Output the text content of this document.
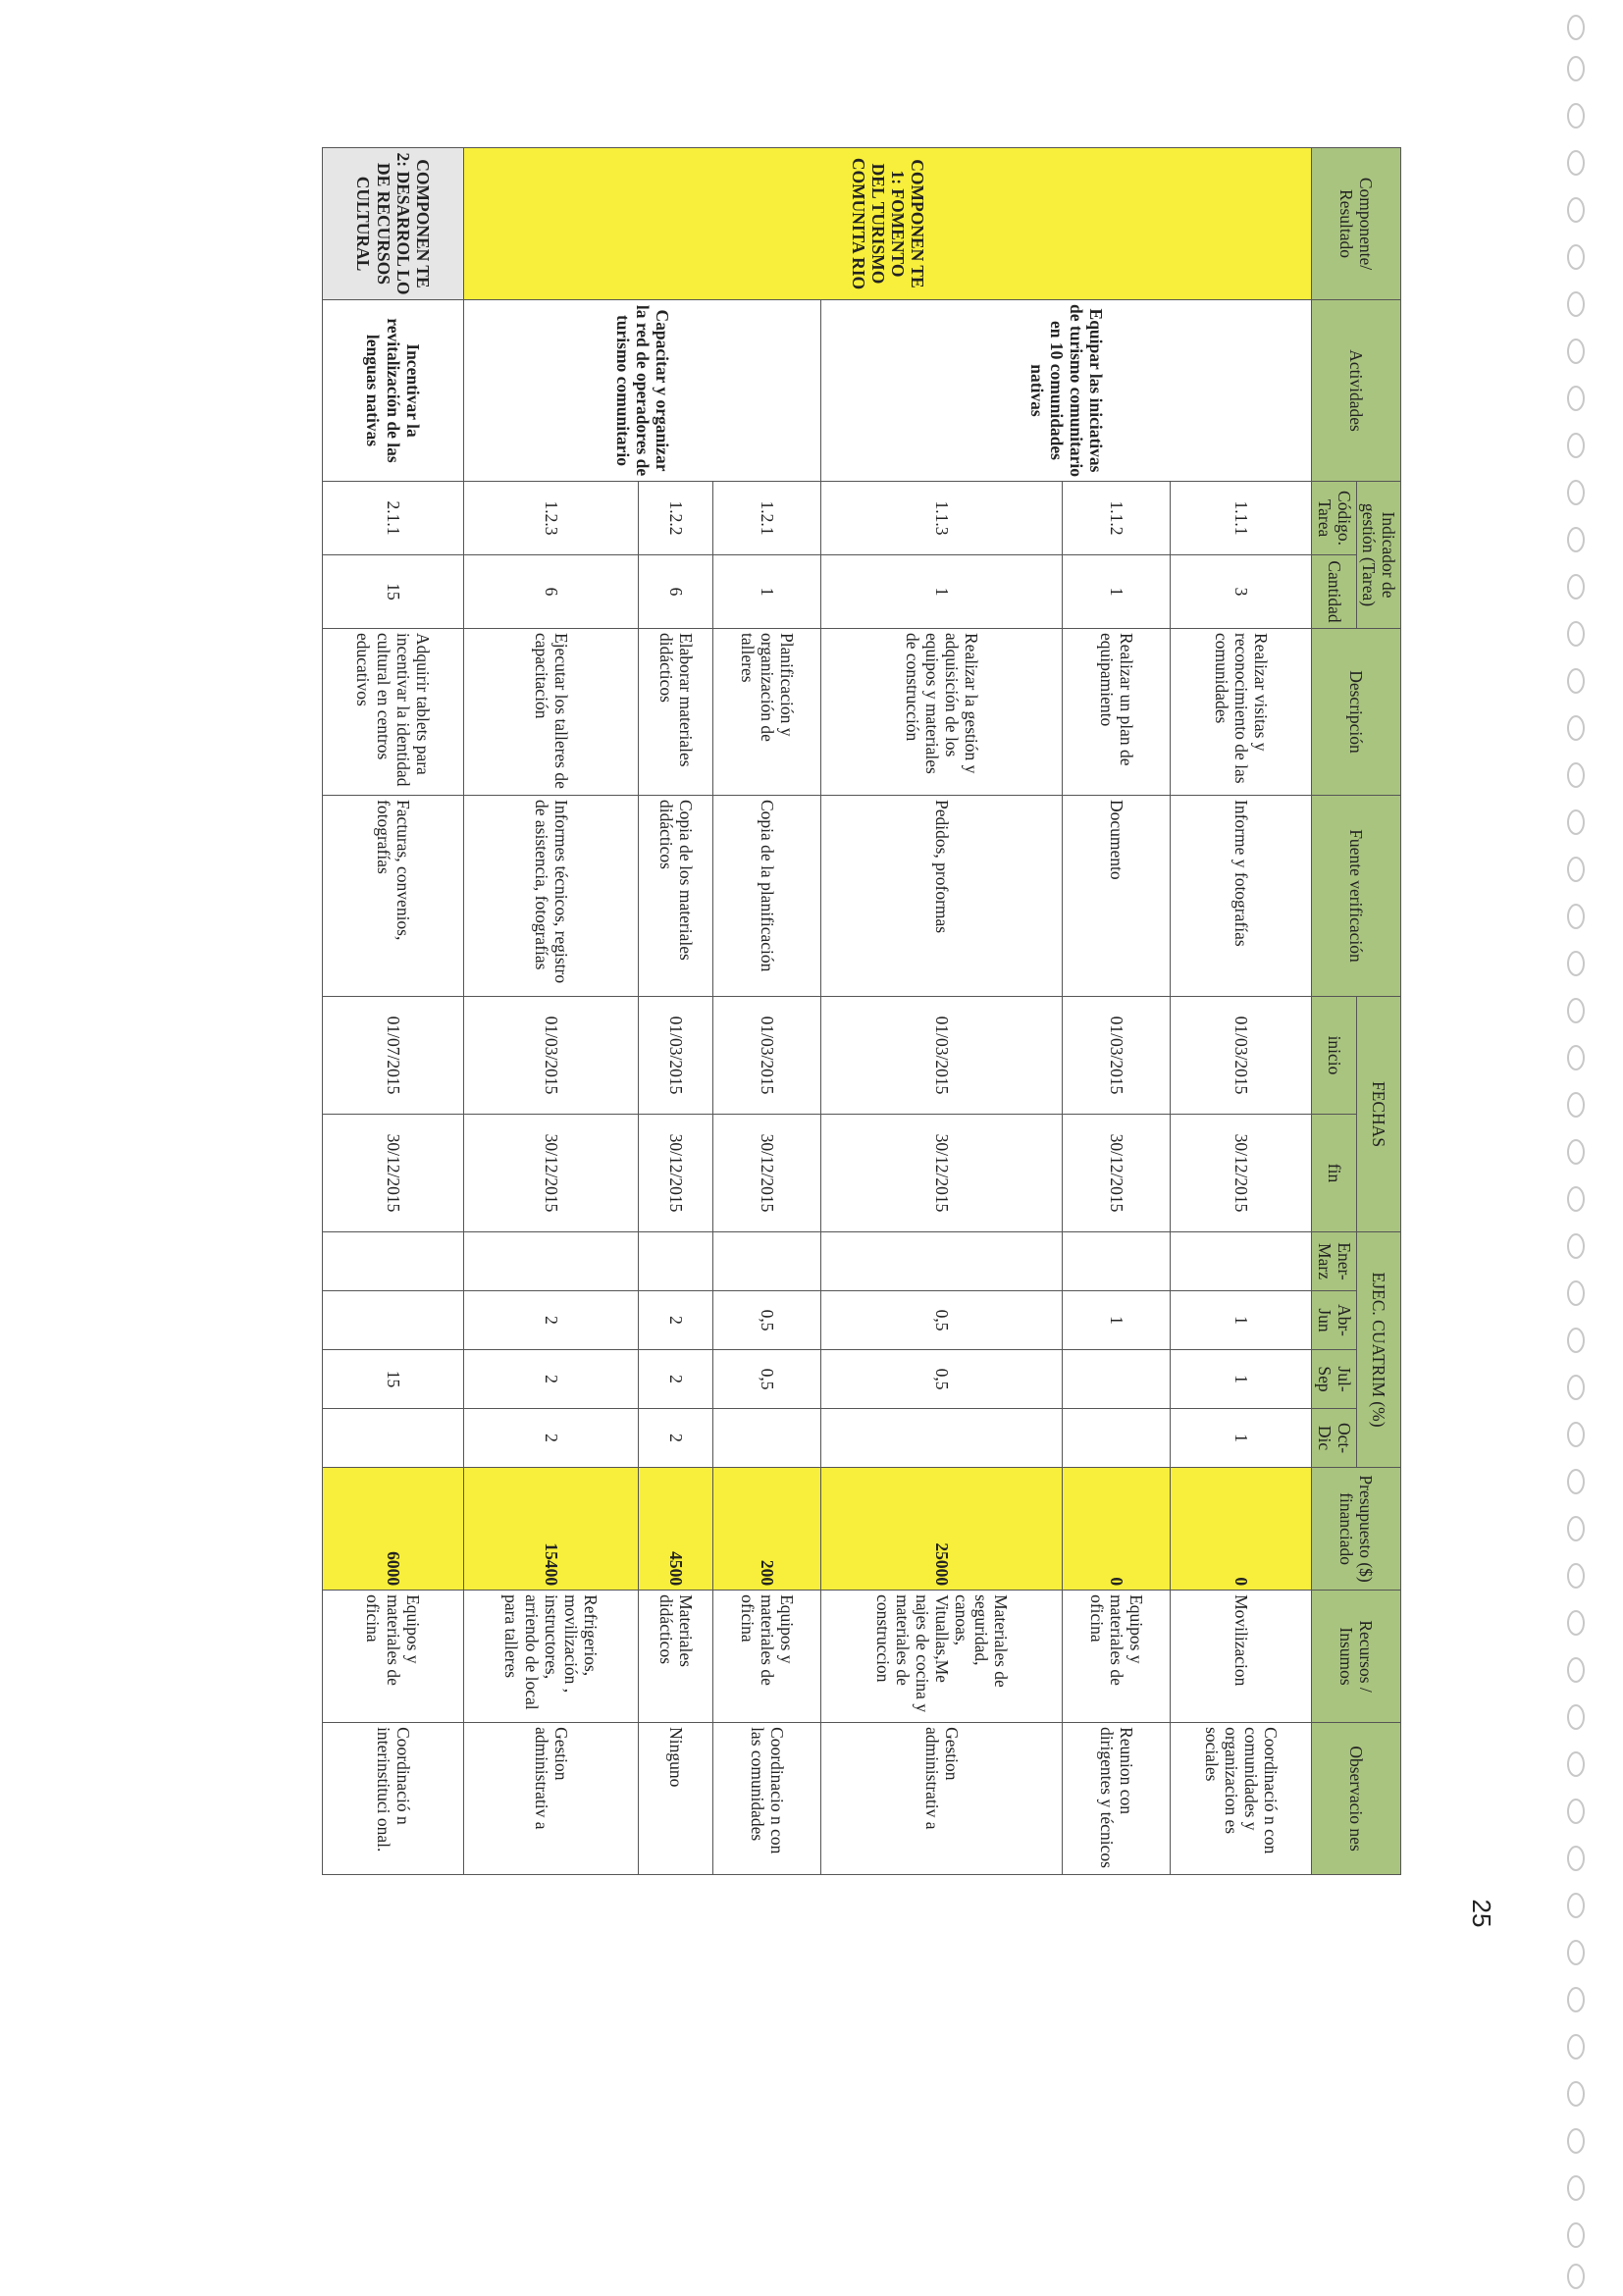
25
Componente/ Resultado	Actividades	Indicador de gestión (Tarea)		Descripción	Fuente verificación	FECHAS		EJEC. CUATRIM (%)				Presupuesto ($) financiado	Recursos / Insumos	Observacio nes
		Código. Tarea	Cantidad			inicio	fin	Ener- Marz	Abr- Jun	Jul- Sep	Oct- Dic			
COMPONEN TE 1: FOMENTO DEL TURISMO COMUNITA RIO	Equipar las iniciativas de turismo comunitario en 10 comunidades nativas	1.1.1	3	Realizar visitas y reconocimiento de las comunidades	Informe y fotografías	01/03/2015	30/12/2015		1	1	1	0	Movilizacion	Coordinació n con comunidades y organizacion es sociales
		1.1.2	1	Realizar un plan de equipamiento	Documento	01/03/2015	30/12/2015		1			0	Equipos y materiales de oficina	Reunion con dirigentes y técnicos
		1.1.3	1	Realizar la gestión y adquisición de los equipos y materiales de construcción	Pedidos, proformas	01/03/2015	30/12/2015		0,5	0,5		25000	Materiales de seguridad, canoas, Vituallas,Me najes de cocina y materiales de construccion	Gestion administrativ a
	Capacitar y organizar la red de operadores de turismo comunitario	1.2.1	1	Planificación y organización de talleres	Copia de la planificación	01/03/2015	30/12/2015		0,5	0,5		200	Equipos y materiales de oficina	Coordinacio n con las comunidades
		1.2.2	6	Elaborar materiales didácticos	Copia de los materiales didácticos	01/03/2015	30/12/2015		2	2	2	4500	Materiales didácticos	Ninguno
		1.2.3	6	Ejecutar los talleres de capacitación	Informes técnicos, registro de asistencia, fotografías	01/03/2015	30/12/2015		2	2	2	15400	Refrigerios, movilización , instructores, arriendo de local para talleres	Gestion administrativ a
COMPONEN TE 2: DESARROL LO DE RECURSOS CULTURAL	Incentivar la revitalización de las lenguas nativas	2.1.1	15	Adquirir tablets para incentivar la identidad cultural en centros educativos	Facturas, convenios, fotografías	01/07/2015	30/12/2015			15		6000	Equipos y materiales de oficina	Coordinació n interinstituci onal.
